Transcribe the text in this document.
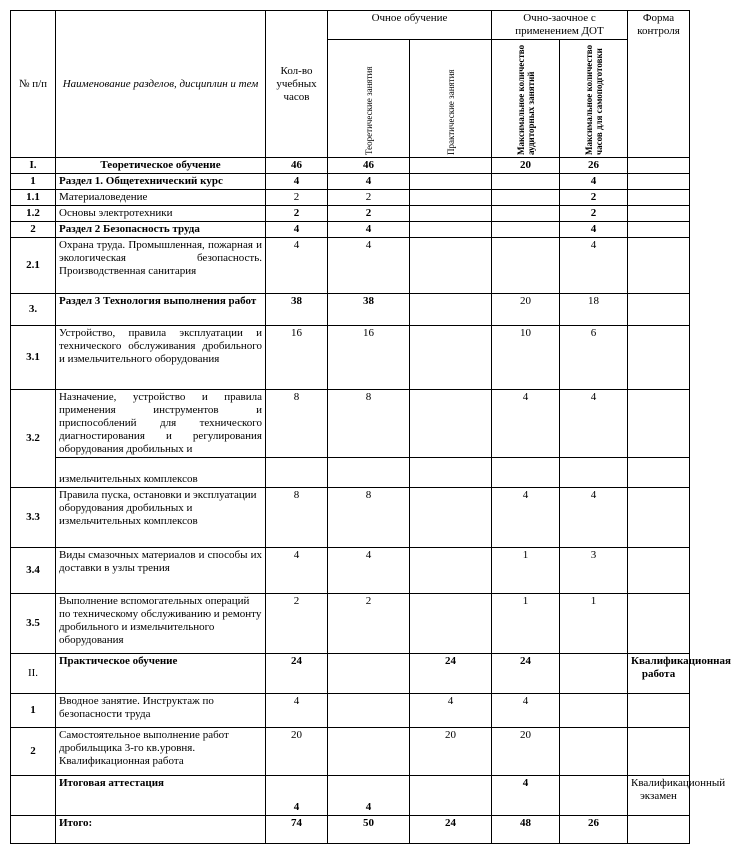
№ п/п	Наименование разделов, дисциплин и тем	Кол-во учебных часов	Очное обучение		Очно-заочное с применением ДОТ		Форма контроля

			Теоретические занятия	Практические занятия	Максимальное количество аудиторных занятий	Максимальное количество часов для самоподготовки	

I.	Теоретическое обучение	46	46		20	26	
1	Раздел 1. Общетехнический курс	4	4			4	
1.1	Материаловедение	2	2			2	
1.2	Основы электротехники	2	2			2	
2	Раздел 2 Безопасность труда	4	4			4	
2.1	Охрана труда. Промышленная, пожарная и экологическая безопасность. Производственная санитария	4	4			4	
3.	Раздел 3 Технология выполнения работ	38	38		20	18	
3.1	Устройство, правила эксплуатации и технического обслуживания дробильного и измельчительного оборудования	16	16		10	6	
3.2	Назначение, устройство и правила применения инструментов и приспособлений для технического диагностирования и регулирования оборудования дробильных и	8	8		4	4	
	измельчительных комплексов						
3.3	Правила пуска, остановки и эксплуатации оборудования дробильных и измельчительных комплексов	8	8		4	4	
3.4	Виды смазочных материалов и способы их доставки в узлы трения	4	4		1	3	
3.5	Выполнение вспомогательных операций по техническому обслуживанию и ремонту дробильного и измельчительного оборудования	2	2		1	1	
II.	Практическое обучение	24		24	24		Квалификационная работа
1	Вводное занятие. Инструктаж по безопасности труда	4		4	4		
2	Самостоятельное выполнение работ дробильщика 3-го кв.уровня. Квалификационная работа	20		20	20		
	Итоговая аттестация	4	4		4		Квалификационный экзамен
	Итого:	74	50	24	48	26	
